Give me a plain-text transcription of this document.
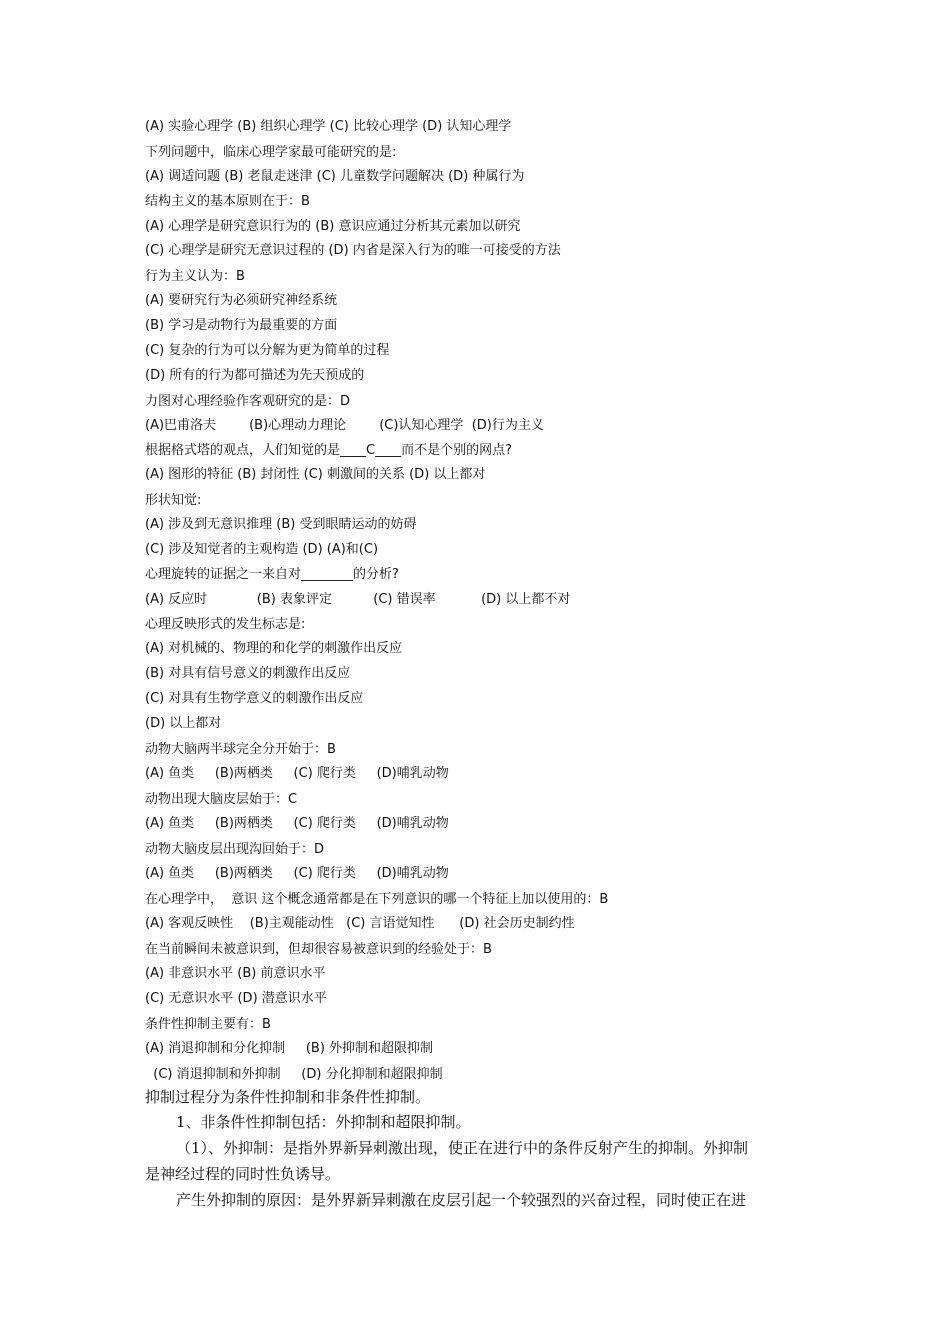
(A) 实验心理学 (B) 组织心理学 (C) 比较心理学 (D) 认知心理学
下列问题中，临床心理学家最可能研究的是:
(A) 调适问题 (B) 老鼠走迷津 (C) 儿童数学问题解决 (D) 种属行为
结构主义的基本原则在于：B
(A) 心理学是研究意识行为的 (B) 意识应通过分析其元素加以研究
(C) 心理学是研究无意识过程的 (D) 内省是深入行为的唯一可接受的方法
行为主义认为：B
(A) 要研究行为必须研究神经系统
(B) 学习是动物行为最重要的方面
(C) 复杂的行为可以分解为更为简单的过程
(D) 所有的行为都可描述为先天预成的
力图对心理经验作客观研究的是：D
(A)巴甫洛夫        (B)心理动力理论        (C)认知心理学  (D)行为主义
根据格式塔的观点，人们知觉的是____C____而不是个别的网点?
(A) 图形的特征 (B) 封闭性 (C) 刺激间的关系 (D) 以上都对
形状知觉:
(A) 涉及到无意识推理 (B) 受到眼睛运动的妨碍
(C) 涉及知觉者的主观构造 (D) (A)和(C)
心理旋转的证据之一来自对________的分析?
(A) 反应时            (B) 表象评定          (C) 错误率           (D) 以上都不对
心理反映形式的发生标志是:
(A) 对机械的、物理的和化学的刺激作出反应
(B) 对具有信号意义的刺激作出反应
(C) 对具有生物学意义的刺激作出反应
(D) 以上都对
动物大脑两半球完全分开始于：B
(A) 鱼类     (B)两栖类     (C) 爬行类     (D)哺乳动物
动物出现大脑皮层始于：C
(A) 鱼类     (B)两栖类     (C) 爬行类     (D)哺乳动物
动物大脑皮层出现沟回始于：D
(A) 鱼类     (B)两栖类     (C) 爬行类     (D)哺乳动物
在心理学中，  意识 这个概念通常都是在下列意识的哪一个特征上加以使用的：B
(A) 客观反映性    (B)主观能动性   (C) 言语觉知性      (D) 社会历史制约性
在当前瞬间未被意识到，但却很容易被意识到的经验处于：B
(A) 非意识水平 (B) 前意识水平
(C) 无意识水平 (D) 潜意识水平
条件性抑制主要有：B
(A) 消退抑制和分化抑制     (B) 外抑制和超限抑制
(C) 消退抑制和外抑制     (D) 分化抑制和超限抑制
抑制过程分为条件性抑制和非条件性抑制。
1、非条件性抑制包括：外抑制和超限抑制。
（1）、外抑制：是指外界新异刺激出现，使正在进行中的条件反射产生的抑制。外抑制
是神经过程的同时性负诱导。
产生外抑制的原因：是外界新异刺激在皮层引起一个较强烈的兴奋过程，同时使正在进
